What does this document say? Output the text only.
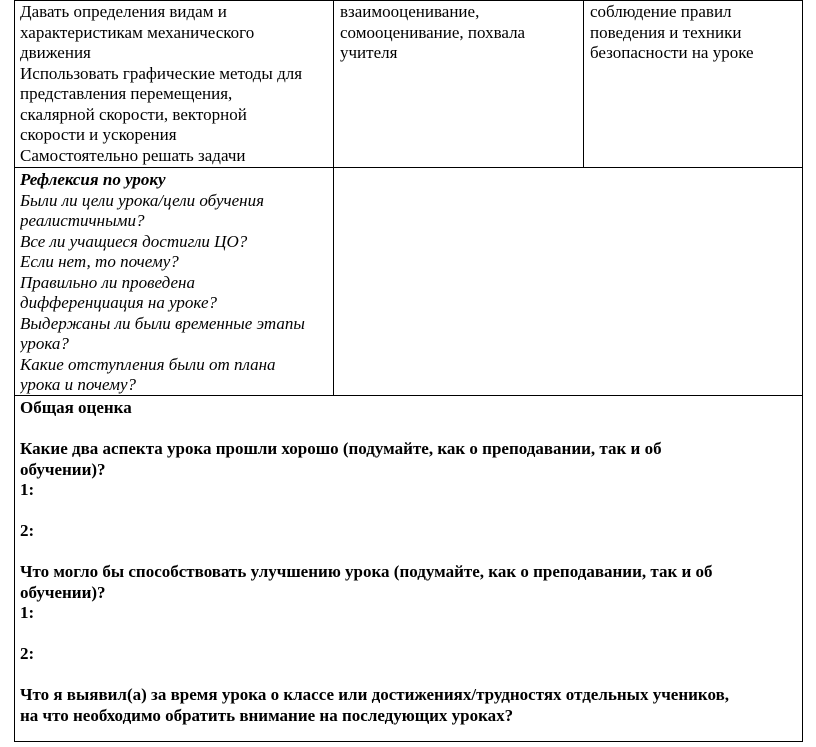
Давать определения видам и

характеристикам механического

движения

Использовать графические методы для

представления перемещения,

скалярной скорости, векторной

скорости и ускорения

Самостоятельно решать задачи

взаимооценивание,

сомооценивание, похвала

учителя

соблюдение правил

поведения и техники

безопасности на уроке

Рефлексия по уроку

Были ли цели урока/цели обучения

реалистичными?

Все ли учащиеся достигли ЦО?

Если нет, то почему?

Правильно ли проведена

дифференциация на уроке?

Выдержаны ли были временные этапы

урока?

Какие отступления были от плана

урока и почему?

Общая оценка

Какие два аспекта урока прошли хорошо (подумайте, как о преподавании, так и об

обучении)?

1:

2:

Что могло бы способствовать улучшению урока (подумайте, как о преподавании, так и об

обучении)?

1:

2:

Что я выявил(а) за время урока о классе или достижениях/трудностях отдельных учеников,

на что необходимо обратить внимание на последующих уроках?
